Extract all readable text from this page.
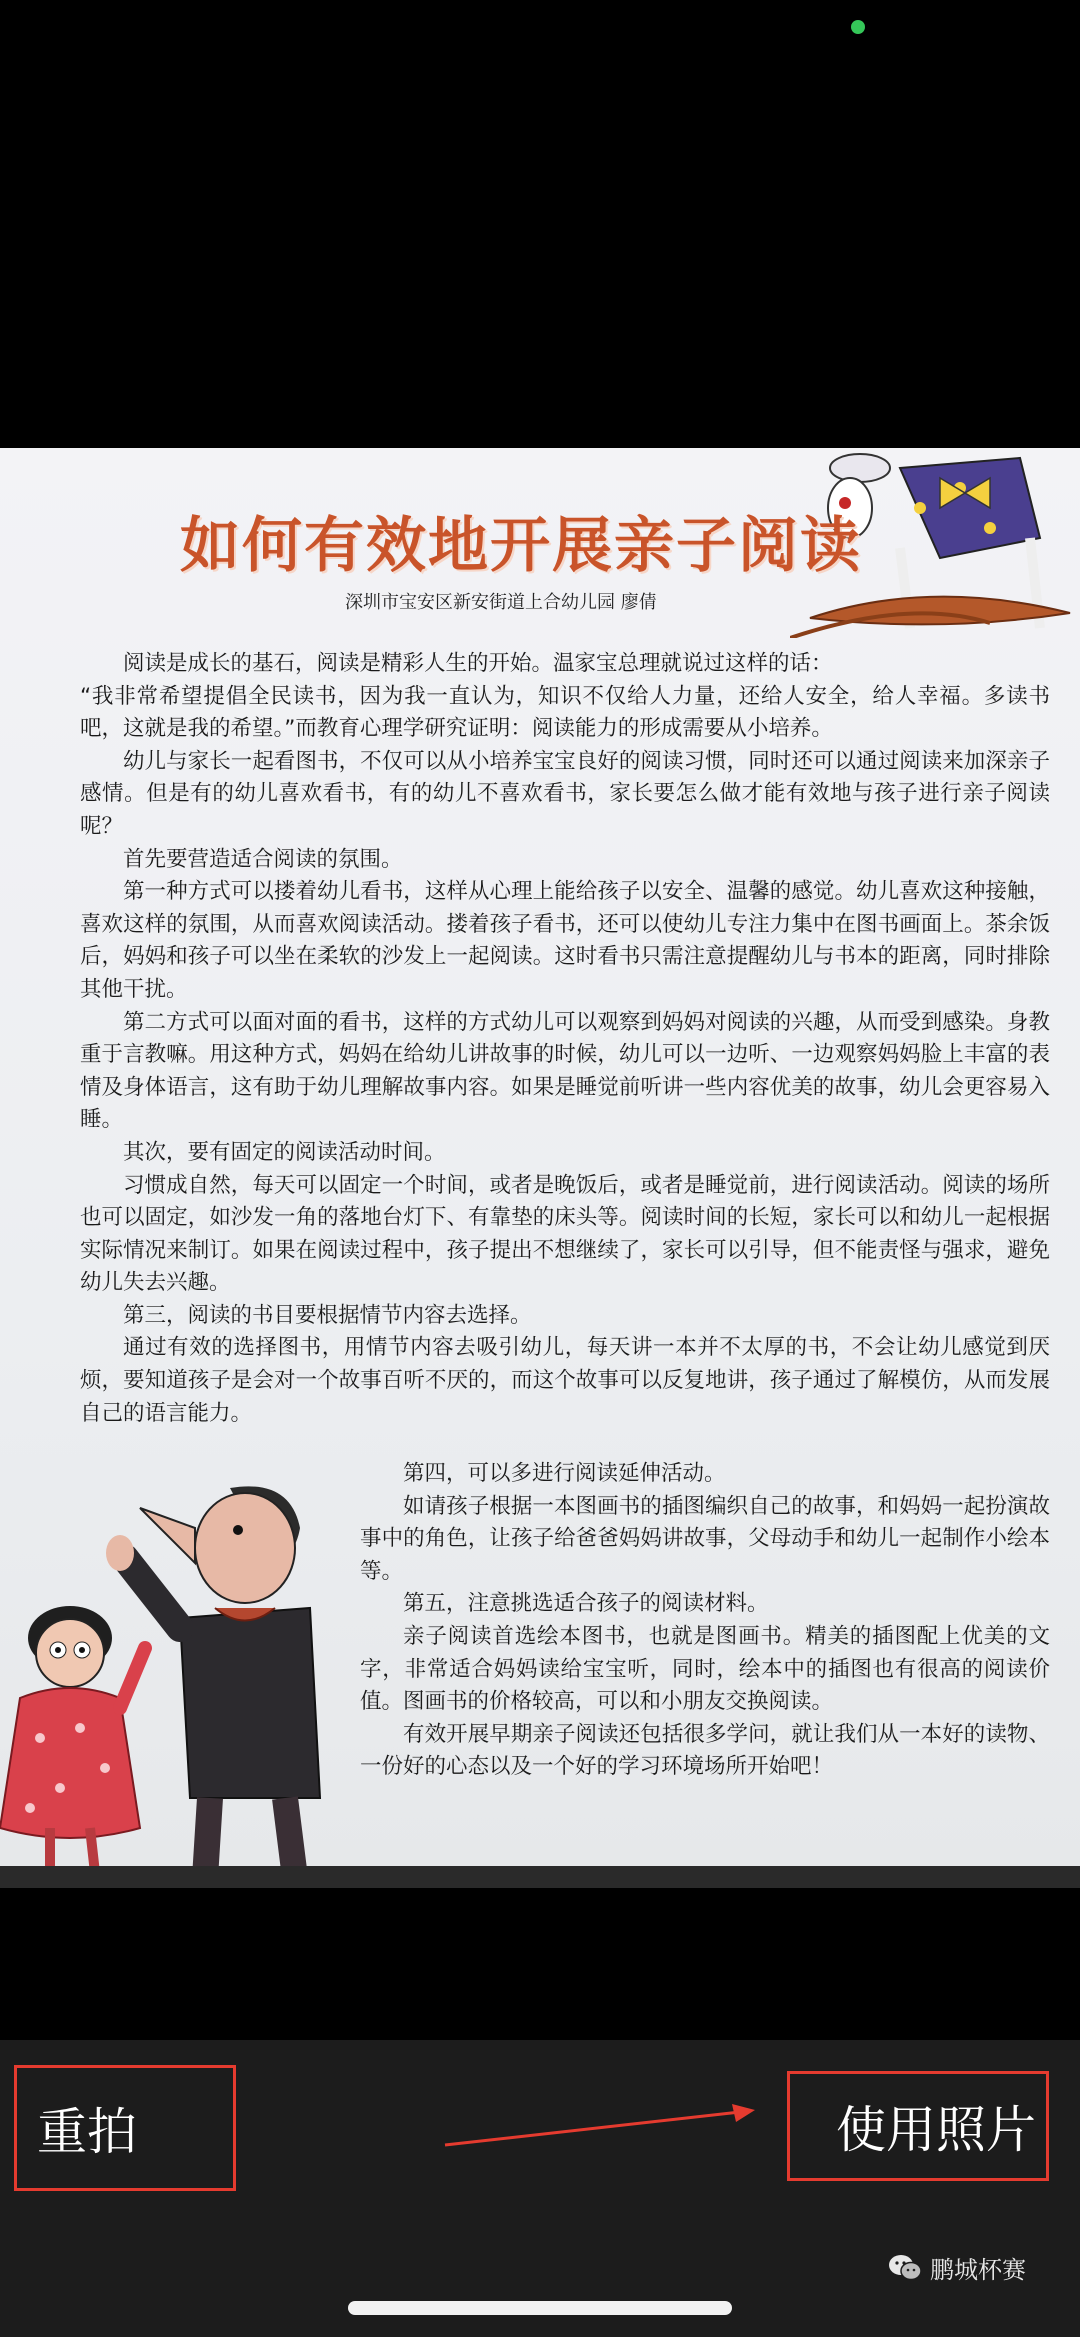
如何有效地开展亲子阅读
深圳市宝安区新安街道上合幼儿园 廖倩

阅读是成长的基石，阅读是精彩人生的开始。温家宝总理就说过这样的话：

“我非常希望提倡全民读书，因为我一直认为，知识不仅给人力量，还给人安全，给人幸福。多读书吧，这就是我的希望。”而教育心理学研究证明：阅读能力的形成需要从小培养。

幼儿与家长一起看图书，不仅可以从小培养宝宝良好的阅读习惯，同时还可以通过阅读来加深亲子感情。但是有的幼儿喜欢看书，有的幼儿不喜欢看书，家长要怎么做才能有效地与孩子进行亲子阅读呢？

首先要营造适合阅读的氛围。

第一种方式可以搂着幼儿看书，这样从心理上能给孩子以安全、温馨的感觉。幼儿喜欢这种接触，喜欢这样的氛围，从而喜欢阅读活动。搂着孩子看书，还可以使幼儿专注力集中在图书画面上。茶余饭后，妈妈和孩子可以坐在柔软的沙发上一起阅读。这时看书只需注意提醒幼儿与书本的距离，同时排除其他干扰。

第二方式可以面对面的看书，这样的方式幼儿可以观察到妈妈对阅读的兴趣，从而受到感染。身教重于言教嘛。用这种方式，妈妈在给幼儿讲故事的时候，幼儿可以一边听、一边观察妈妈脸上丰富的表情及身体语言，这有助于幼儿理解故事内容。如果是睡觉前听讲一些内容优美的故事，幼儿会更容易入睡。

其次，要有固定的阅读活动时间。

习惯成自然，每天可以固定一个时间，或者是晚饭后，或者是睡觉前，进行阅读活动。阅读的场所也可以固定，如沙发一角的落地台灯下、有靠垫的床头等。阅读时间的长短，家长可以和幼儿一起根据实际情况来制订。如果在阅读过程中，孩子提出不想继续了，家长可以引导，但不能责怪与强求，避免幼儿失去兴趣。

第三，阅读的书目要根据情节内容去选择。

通过有效的选择图书，用情节内容去吸引幼儿，每天讲一本并不太厚的书，不会让幼儿感觉到厌烦，要知道孩子是会对一个故事百听不厌的，而这个故事可以反复地讲，孩子通过了解模仿，从而发展自己的语言能力。

第四，可以多进行阅读延伸活动。

如请孩子根据一本图画书的插图编织自己的故事，和妈妈一起扮演故事中的角色，让孩子给爸爸妈妈讲故事，父母动手和幼儿一起制作小绘本等。

第五，注意挑选适合孩子的阅读材料。

亲子阅读首选绘本图书，也就是图画书。精美的插图配上优美的文字，非常适合妈妈读给宝宝听，同时，绘本中的插图也有很高的阅读价值。图画书的价格较高，可以和小朋友交换阅读。

有效开展早期亲子阅读还包括很多学问，就让我们从一本好的读物、一份好的心态以及一个好的学习环境场所开始吧！

重拍	使用照片
鹏城杯赛
